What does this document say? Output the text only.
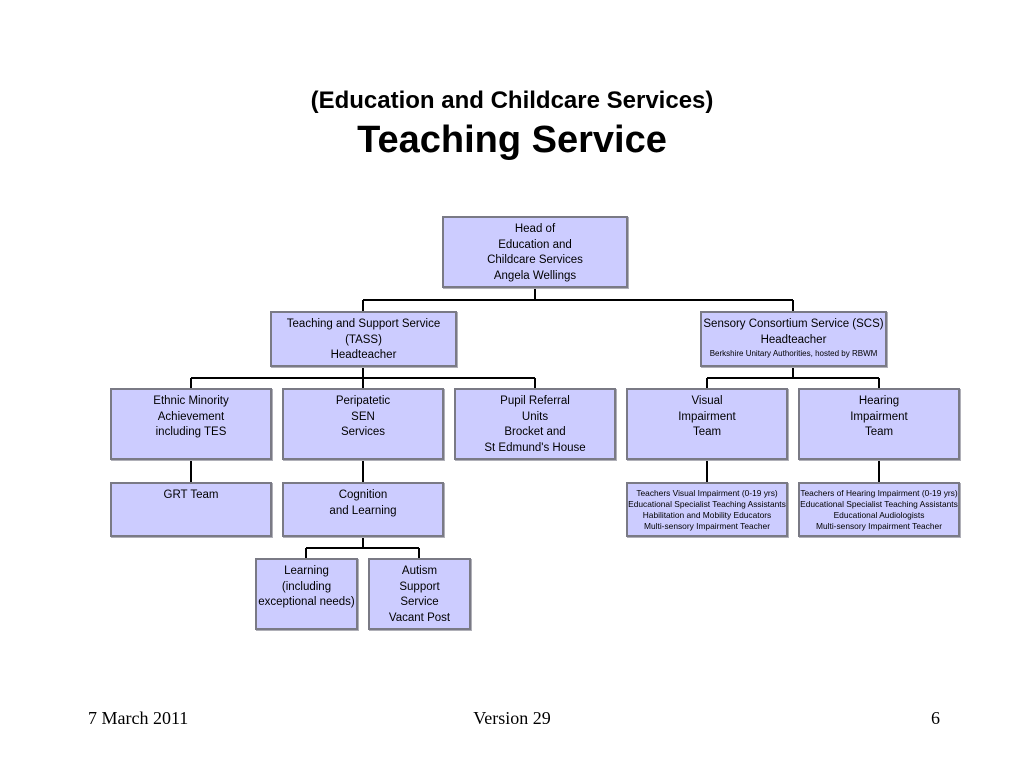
(Education and Childcare Services)
Teaching Service
Head of
Education and
Childcare Services
Angela Wellings
Teaching and Support Service
(TASS)
Headteacher
Sensory Consortium Service (SCS)
Headteacher
Berkshire Unitary Authorities, hosted by RBWM
Ethnic Minority
Achievement
including TES
Peripatetic
SEN
Services
Pupil Referral
Units
Brocket and
St Edmund's House
Visual
Impairment
Team
Hearing
Impairment
Team
GRT Team	Cognition
and Learning
Teachers Visual Impairment (0-19 yrs)
Educational Specialist Teaching Assistants
Habilitation and Mobility Educators
Multi-sensory Impairment Teacher
Teachers of Hearing Impairment (0-19 yrs)
Educational Specialist Teaching Assistants
Educational Audiologists
Multi-sensory Impairment Teacher
Learning
(including
exceptional needs)
Autism
Support
Service
Vacant Post
7 March 2011	Version 29	6
